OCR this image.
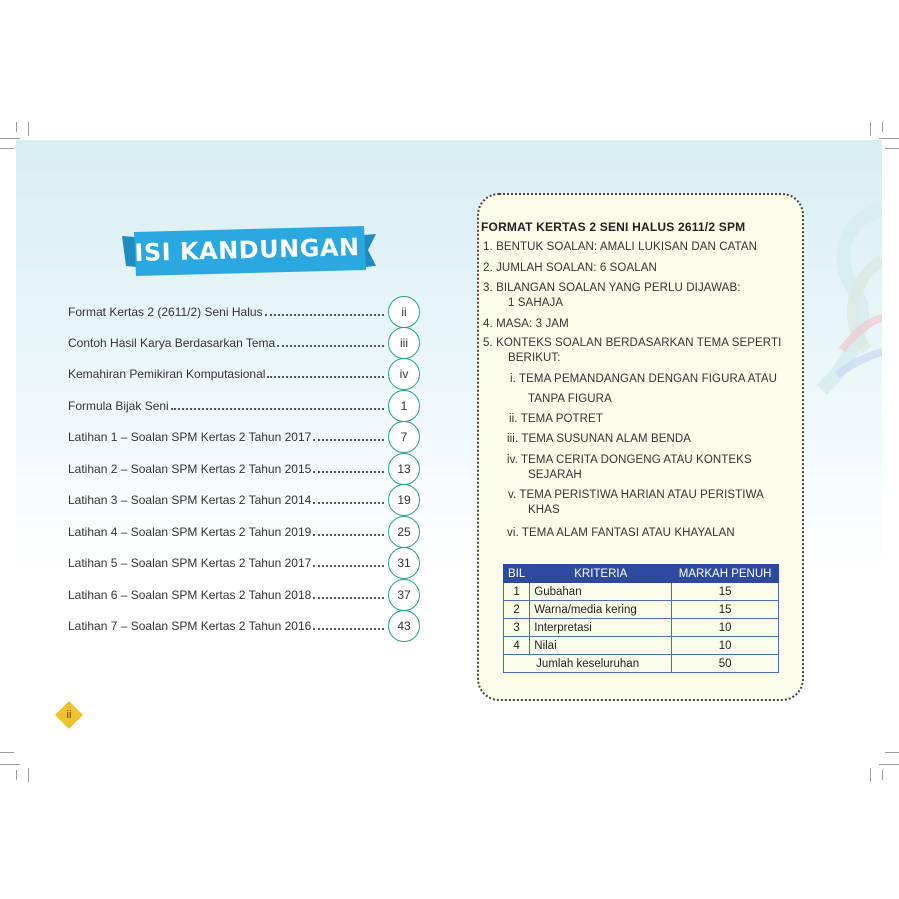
ISI KANDUNGAN
Format Kertas 2 (2611/2) Seni Halus	ii
Contoh Hasil Karya Berdasarkan Tema	iii
Kemahiran Pemikiran Komputasional	iv
Formula Bijak Seni	1
Latihan 1 – Soalan SPM Kertas 2 Tahun 2017	7
Latihan 2 – Soalan SPM Kertas 2 Tahun 2015	13
Latihan 3 – Soalan SPM Kertas 2 Tahun 2014	19
Latihan 4 – Soalan SPM Kertas 2 Tahun 2019	25
Latihan 5 – Soalan SPM Kertas 2 Tahun 2017	31
Latihan 6 – Soalan SPM Kertas 2 Tahun 2018	37
Latihan 7 – Soalan SPM Kertas 2 Tahun 2016	43
ii
FORMAT KERTAS 2 SENI HALUS 2611/2 SPM
1. BENTUK SOALAN: AMALI LUKISAN DAN CATAN
2. JUMLAH SOALAN: 6 SOALAN
3. BILANGAN SOALAN YANG PERLU DIJAWAB:
1 SAHAJA
4. MASA: 3 JAM
5. KONTEKS SOALAN BERDASARKAN TEMA SEPERTI
BERIKUT:
i. TEMA PEMANDANGAN DENGAN FIGURA ATAU
TANPA FIGURA
ii. TEMA POTRET
iii. TEMA SUSUNAN ALAM BENDA
iv. TEMA CERITA DONGENG ATAU KONTEKS
SEJARAH
v. TEMA PERISTIWA HARIAN ATAU PERISTIWA
KHAS
vi. TEMA ALAM FANTASI ATAU KHAYALAN
BIL	KRITERIA	MARKAH PENUH
1	Gubahan	15
2	Warna/media kering	15
3	Interpretasi	10
4	Nilai	10
Jumlah keseluruhan		50
